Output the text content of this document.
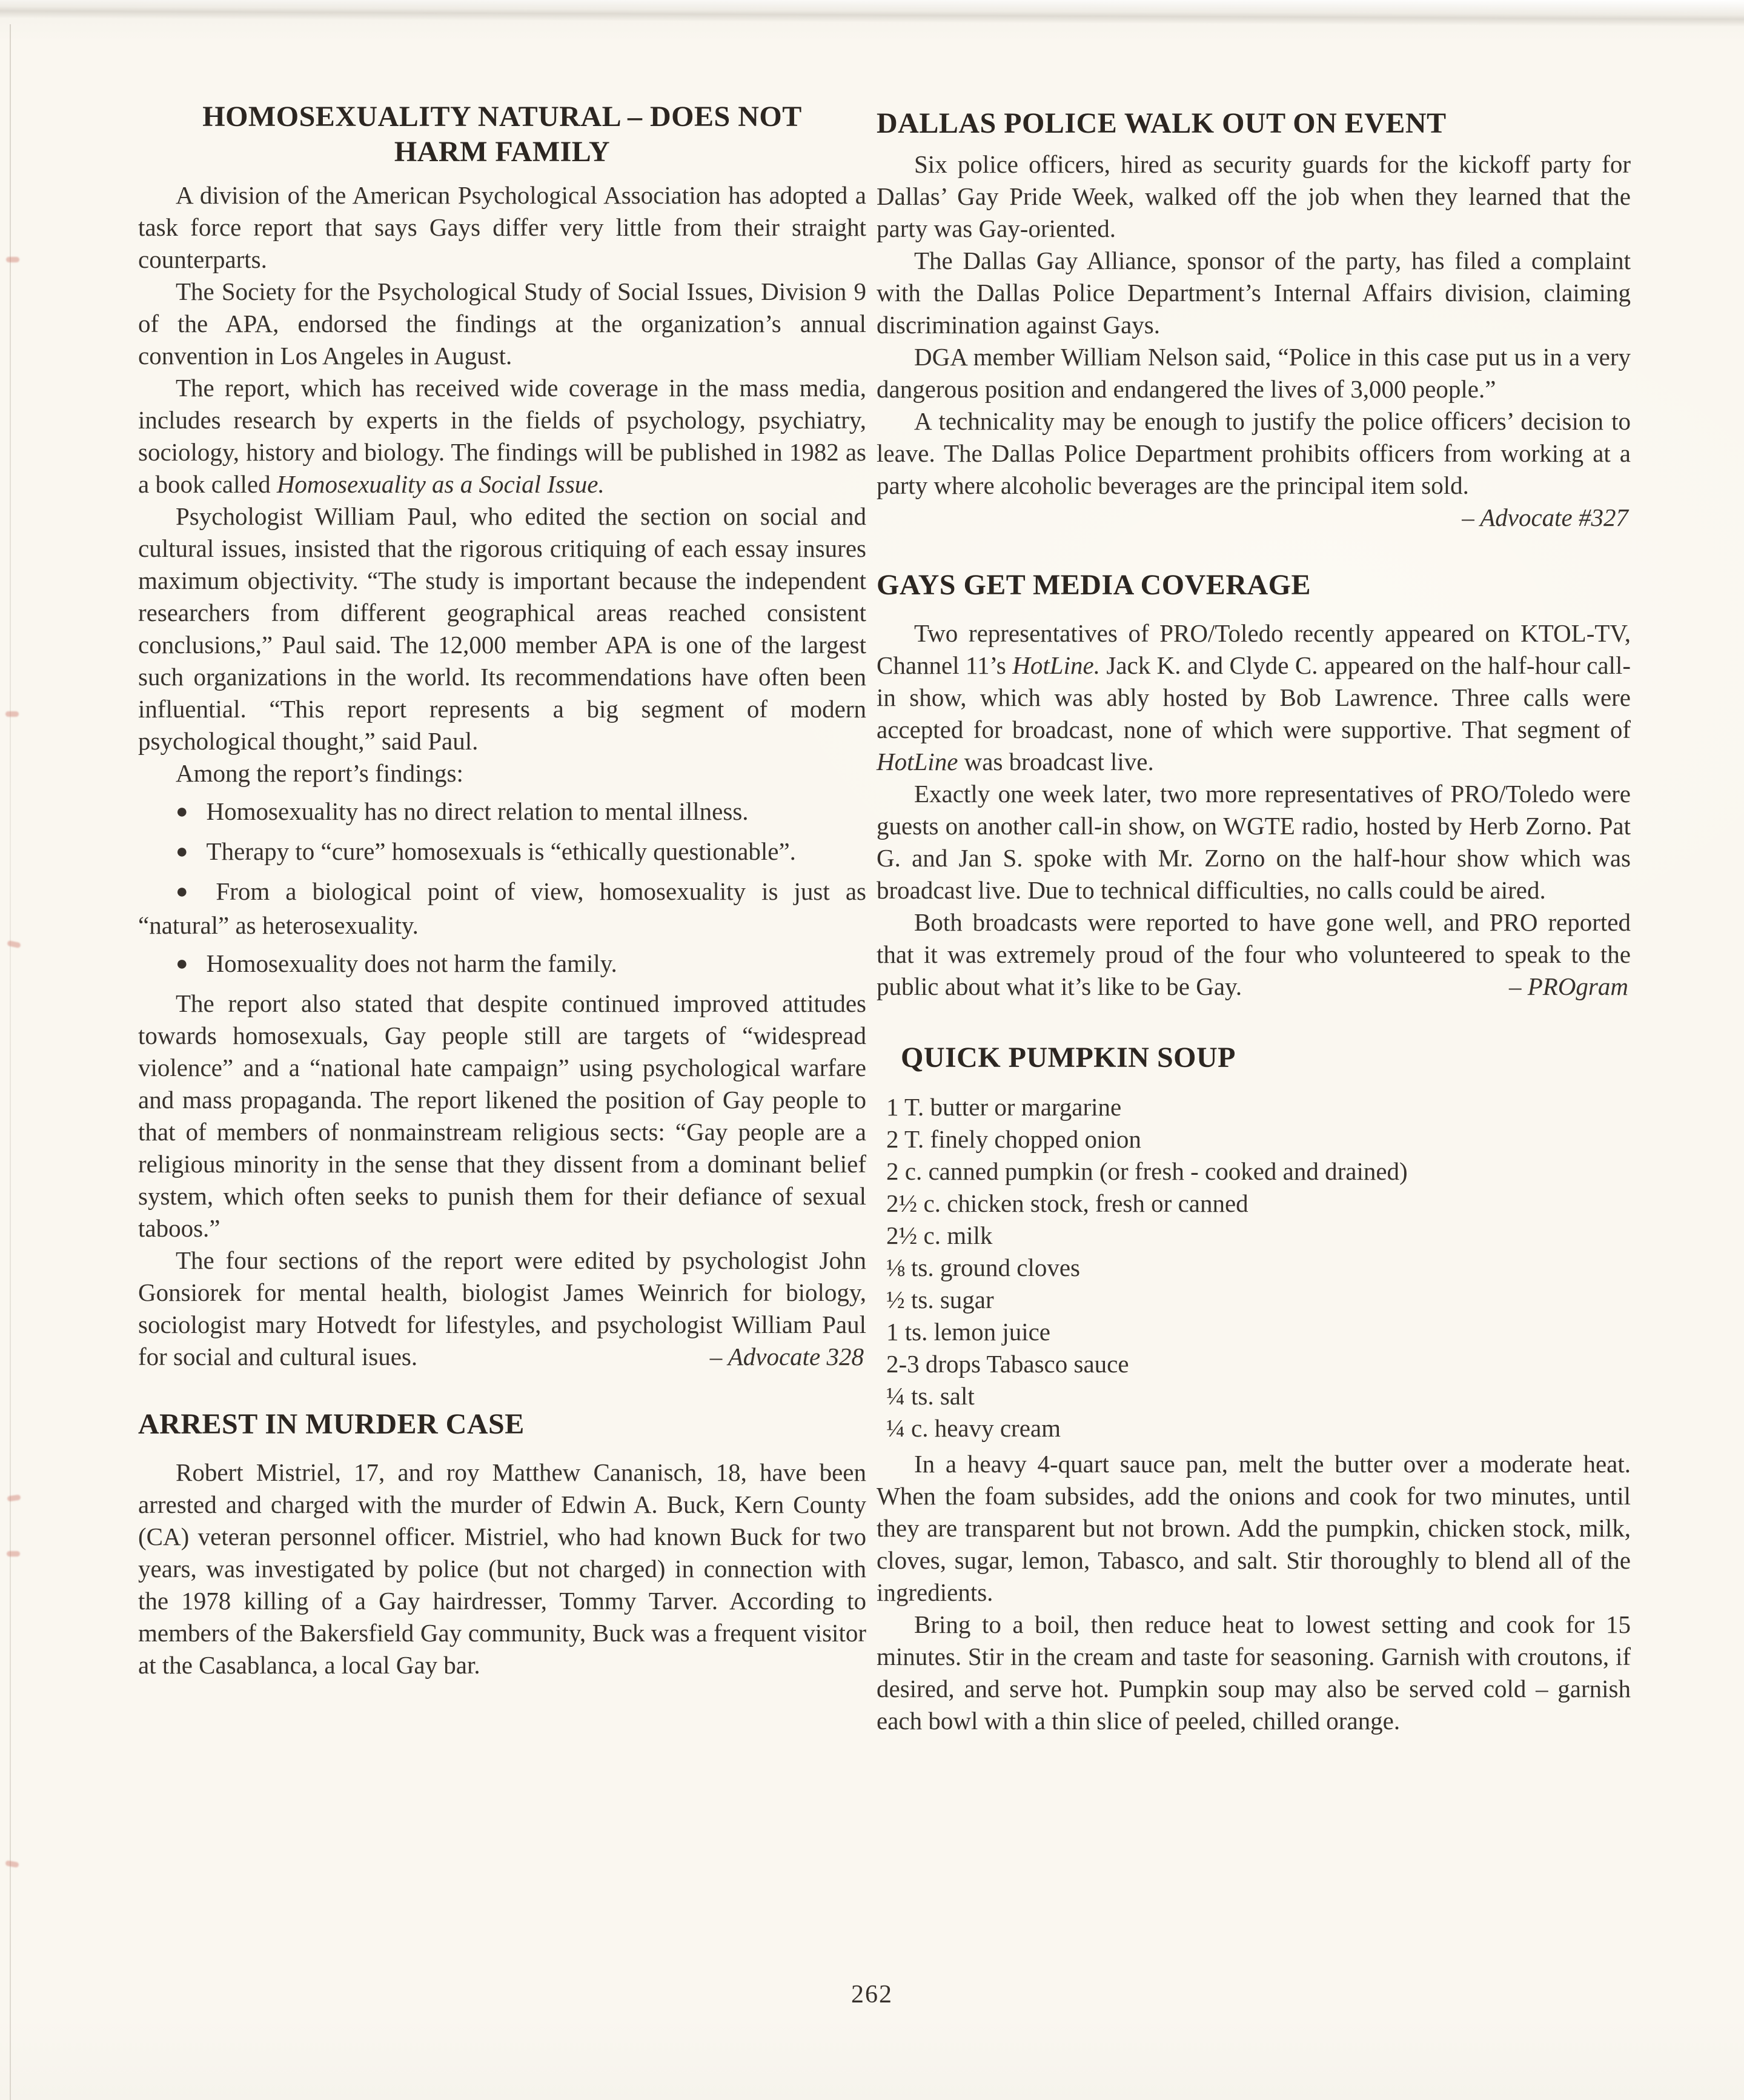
HOMOSEXUALITY NATURAL – DOES NOT
HARM FAMILY

A division of the American Psychological Association has adopted a task force report that says Gays differ very little from their straight counterparts.

The Society for the Psychological Study of Social Issues, Division 9 of the APA, endorsed the findings at the organization’s annual convention in Los Angeles in August.

The report, which has received wide coverage in the mass media, includes research by experts in the fields of psychology, psychiatry, sociology, history and biology. The findings will be published in 1982 as a book called Homosexuality as a Social Issue.

Psychologist William Paul, who edited the section on social and cultural issues, insisted that the rigorous critiquing of each essay insures maximum objectivity. “The study is important because the independent researchers from different geographical areas reached consistent conclusions,” Paul said. The 12,000 member APA is one of the largest such organizations in the world. Its recommendations have often been influential. “This report represents a big segment of modern psychological thought,” said Paul.

Among the report’s findings:

● Homosexuality has no direct relation to mental illness.

● Therapy to “cure” homosexuals is “ethically questionable”.

● From a biological point of view, homosexuality is just as “natural” as heterosexuality.

● Homosexuality does not harm the family.

The report also stated that despite continued improved attitudes towards homosexuals, Gay people still are targets of “widespread violence” and a “national hate campaign” using psychological warfare and mass propaganda. The report likened the position of Gay people to that of members of nonmainstream religious sects: “Gay people are a religious minority in the sense that they dissent from a dominant belief system, which often seeks to punish them for their defiance of sexual taboos.”

The four sections of the report were edited by psychologist John Gonsiorek for mental health, biologist James Weinrich for biology, sociologist mary Hotvedt for lifestyles, and psychologist William Paul for social and cultural isues.	– Advocate 328
ARREST IN MURDER CASE

Robert Mistriel, 17, and roy Matthew Cananisch, 18, have been arrested and charged with the murder of Edwin A. Buck, Kern County (CA) veteran personnel officer. Mistriel, who had known Buck for two years, was investigated by police (but not charged) in connection with the 1978 killing of a Gay hairdresser, Tommy Tarver. According to members of the Bakersfield Gay community, Buck was a frequent visitor at the Casablanca, a local Gay bar.

DALLAS POLICE WALK OUT ON EVENT

Six police officers, hired as security guards for the kickoff party for Dallas’ Gay Pride Week, walked off the job when they learned that the party was Gay-oriented.

The Dallas Gay Alliance, sponsor of the party, has filed a complaint with the Dallas Police Department’s Internal Affairs division, claiming discrimination against Gays.

DGA member William Nelson said, “Police in this case put us in a very dangerous position and endangered the lives of 3,000 people.”

A technicality may be enough to justify the police officers’ decision to leave. The Dallas Police Department prohibits officers from working at a party where alcoholic beverages are the principal item sold.

– Advocate #327
GAYS GET MEDIA COVERAGE

Two representatives of PRO/Toledo recently appeared on KTOL-TV, Channel 11’s HotLine. Jack K. and Clyde C. appeared on the half-hour call-in show, which was ably hosted by Bob Lawrence. Three calls were accepted for broadcast, none of which were supportive. That segment of HotLine was broadcast live.

Exactly one week later, two more representatives of PRO/Toledo were guests on another call-in show, on WGTE radio, hosted by Herb Zorno. Pat G. and Jan S. spoke with Mr. Zorno on the half-hour show which was broadcast live. Due to technical difficulties, no calls could be aired.

Both broadcasts were reported to have gone well, and PRO reported that it was extremely proud of the four who volunteered to speak to the public about what it’s like to be Gay.	– PROgram
QUICK PUMPKIN SOUP
1 T. butter or margarine
2 T. finely chopped onion
2 c. canned pumpkin (or fresh - cooked and drained)
2½ c. chicken stock, fresh or canned
2½ c. milk
⅛ ts. ground cloves
½ ts. sugar
1 ts. lemon juice
2-3 drops Tabasco sauce
¼ ts. salt
¼ c. heavy cream

In a heavy 4-quart sauce pan, melt the butter over a moderate heat. When the foam subsides, add the onions and cook for two minutes, until they are transparent but not brown. Add the pumpkin, chicken stock, milk, cloves, sugar, lemon, Tabasco, and salt. Stir thoroughly to blend all of the ingredients.

Bring to a boil, then reduce heat to lowest setting and cook for 15 minutes. Stir in the cream and taste for seasoning. Garnish with croutons, if desired, and serve hot. Pumpkin soup may also be served cold – garnish each bowl with a thin slice of peeled, chilled orange.

262
